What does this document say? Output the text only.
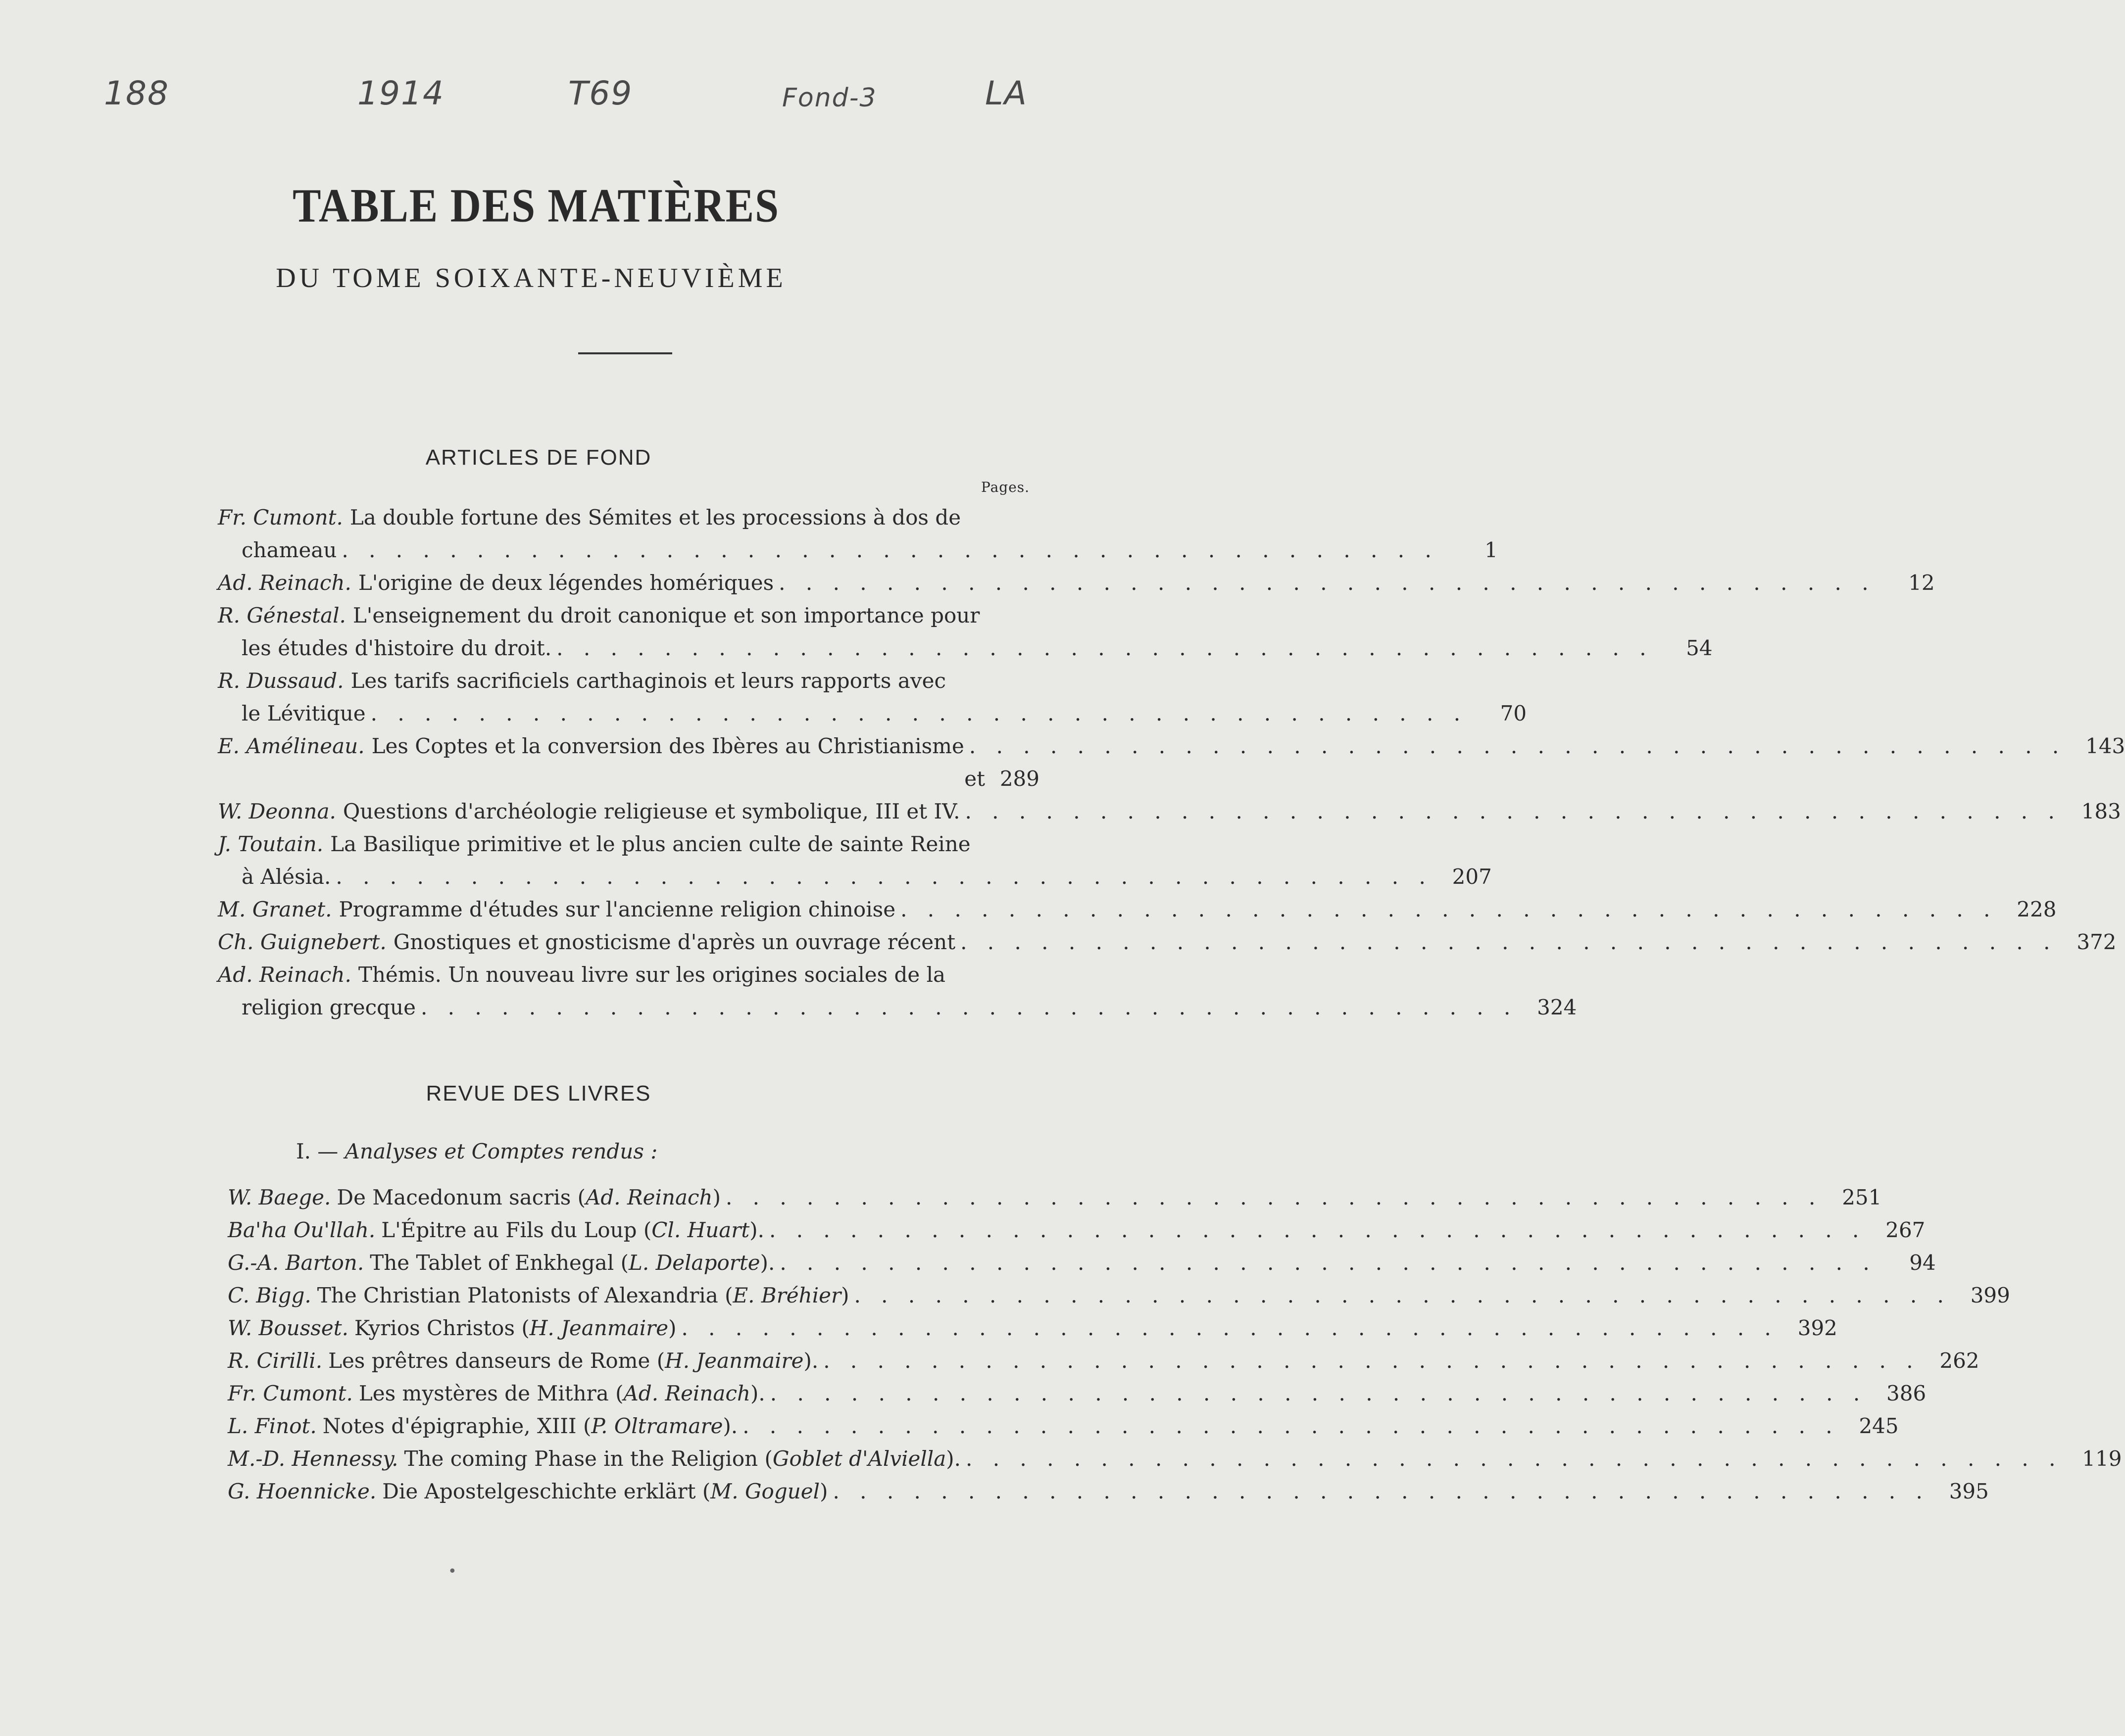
188	1914	T69	Fond-3	LA
TABLE DES MATIÈRES
DU TOME SOIXANTE-NEUVIÈME
ARTICLES DE FOND
Pages.
Fr. Cumont. La double fortune des Sémites et les processions à dos de
chameau . . . . . . . . . . . . . . . . . . . . . . . . . . . . . . . . . . . . . . . . .	1
Ad. Reinach. L'origine de deux légendes homériques . . . . . . . . . . . . . . . . . . . . . . . . . . . . . . . . . . . . . . . . .	12
R. Génestal. L'enseignement du droit canonique et son importance pour
les études d'histoire du droit. . . . . . . . . . . . . . . . . . . . . . . . . . . . . . . . . . . . . . . . . .	54
R. Dussaud. Les tarifs sacrificiels carthaginois et leurs rapports avec
le Lévitique . . . . . . . . . . . . . . . . . . . . . . . . . . . . . . . . . . . . . . . . .	70
E. Amélineau. Les Coptes et la conversion des Ibères au Christianisme . . . . . . . . . . . . . . . . . . . . . . . . . . . . . . . . . . . . . . . . . 143
et 289
W. Deonna. Questions d'archéologie religieuse et symbolique, III et IV. . . . . . . . . . . . . . . . . . . . . . . . . . . . . . . . . . . . . . . . . . 183
J. Toutain. La Basilique primitive et le plus ancien culte de sainte Reine
à Alésia. . . . . . . . . . . . . . . . . . . . . . . . . . . . . . . . . . . . . . . . . . 207
M. Granet. Programme d'études sur l'ancienne religion chinoise . . . . . . . . . . . . . . . . . . . . . . . . . . . . . . . . . . . . . . . . . 228
Ch. Guignebert. Gnostiques et gnosticisme d'après un ouvrage récent . . . . . . . . . . . . . . . . . . . . . . . . . . . . . . . . . . . . . . . . . 372
Ad. Reinach. Thémis. Un nouveau livre sur les origines sociales de la
religion grecque . . . . . . . . . . . . . . . . . . . . . . . . . . . . . . . . . . . . . . . . . 324
REVUE DES LIVRES
I. — Analyses et Comptes rendus :
W. Baege. De Macedonum sacris ( Ad. Reinach ) . . . . . . . . . . . . . . . . . . . . . . . . . . . . . . . . . . . . . . . . . 251
Ba'ha Ou'llah. L'Épitre au Fils du Loup ( Cl. Huart ). . . . . . . . . . . . . . . . . . . . . . . . . . . . . . . . . . . . . . . . . . 267
G.-A. Barton. The Tablet of Enkhegal ( L. Delaporte ). . . . . . . . . . . . . . . . . . . . . . . . . . . . . . . . . . . . . . . . . .	94
C. Bigg. The Christian Platonists of Alexandria ( E. Bréhier ) . . . . . . . . . . . . . . . . . . . . . . . . . . . . . . . . . . . . . . . . . 399
W. Bousset. Kyrios Christos ( H. Jeanmaire ) . . . . . . . . . . . . . . . . . . . . . . . . . . . . . . . . . . . . . . . . . 392
R. Cirilli. Les prêtres danseurs de Rome ( H. Jeanmaire ). . . . . . . . . . . . . . . . . . . . . . . . . . . . . . . . . . . . . . . . . . 262
Fr. Cumont. Les mystères de Mithra ( Ad. Reinach ). . . . . . . . . . . . . . . . . . . . . . . . . . . . . . . . . . . . . . . . . . 386
L. Finot. Notes d'épigraphie, XIII ( P. Oltramare ). . . . . . . . . . . . . . . . . . . . . . . . . . . . . . . . . . . . . . . . . . 245
M.-D. Hennessy. The coming Phase in the Religion ( Goblet d'Alviella ). . . . . . . . . . . . . . . . . . . . . . . . . . . . . . . . . . . . . . . . . . 119
G. Hoennicke. Die Apostelgeschichte erklärt ( M. Goguel ) . . . . . . . . . . . . . . . . . . . . . . . . . . . . . . . . . . . . . . . . . 395
•
